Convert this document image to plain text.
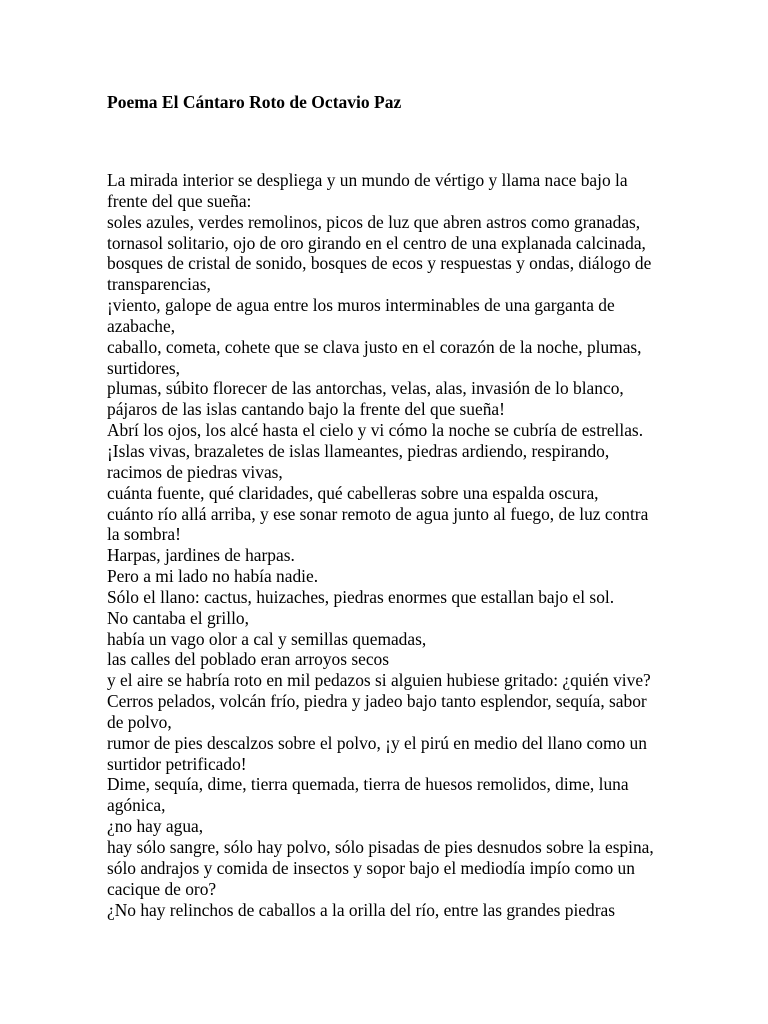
Poema El Cántaro Roto de Octavio Paz
La mirada interior se despliega y un mundo de vértigo y llama nace bajo la
frente del que sueña:
soles azules, verdes remolinos, picos de luz que abren astros como granadas,
tornasol solitario, ojo de oro girando en el centro de una explanada calcinada,
bosques de cristal de sonido, bosques de ecos y respuestas y ondas, diálogo de
transparencias,
¡viento, galope de agua entre los muros interminables de una garganta de
azabache,
caballo, cometa, cohete que se clava justo en el corazón de la noche, plumas,
surtidores,
plumas, súbito florecer de las antorchas, velas, alas, invasión de lo blanco,
pájaros de las islas cantando bajo la frente del que sueña!
Abrí los ojos, los alcé hasta el cielo y vi cómo la noche se cubría de estrellas.
¡Islas vivas, brazaletes de islas llameantes, piedras ardiendo, respirando,
racimos de piedras vivas,
cuánta fuente, qué claridades, qué cabelleras sobre una espalda oscura,
cuánto río allá arriba, y ese sonar remoto de agua junto al fuego, de luz contra
la sombra!
Harpas, jardines de harpas.
Pero a mi lado no había nadie.
Sólo el llano: cactus, huizaches, piedras enormes que estallan bajo el sol.
No cantaba el grillo,
había un vago olor a cal y semillas quemadas,
las calles del poblado eran arroyos secos
y el aire se habría roto en mil pedazos si alguien hubiese gritado: ¿quién vive?
Cerros pelados, volcán frío, piedra y jadeo bajo tanto esplendor, sequía, sabor
de polvo,
rumor de pies descalzos sobre el polvo, ¡y el pirú en medio del llano como un
surtidor petrificado!
Dime, sequía, dime, tierra quemada, tierra de huesos remolidos, dime, luna
agónica,
¿no hay agua,
hay sólo sangre, sólo hay polvo, sólo pisadas de pies desnudos sobre la espina,
sólo andrajos y comida de insectos y sopor bajo el mediodía impío como un
cacique de oro?
¿No hay relinchos de caballos a la orilla del río, entre las grandes piedras
